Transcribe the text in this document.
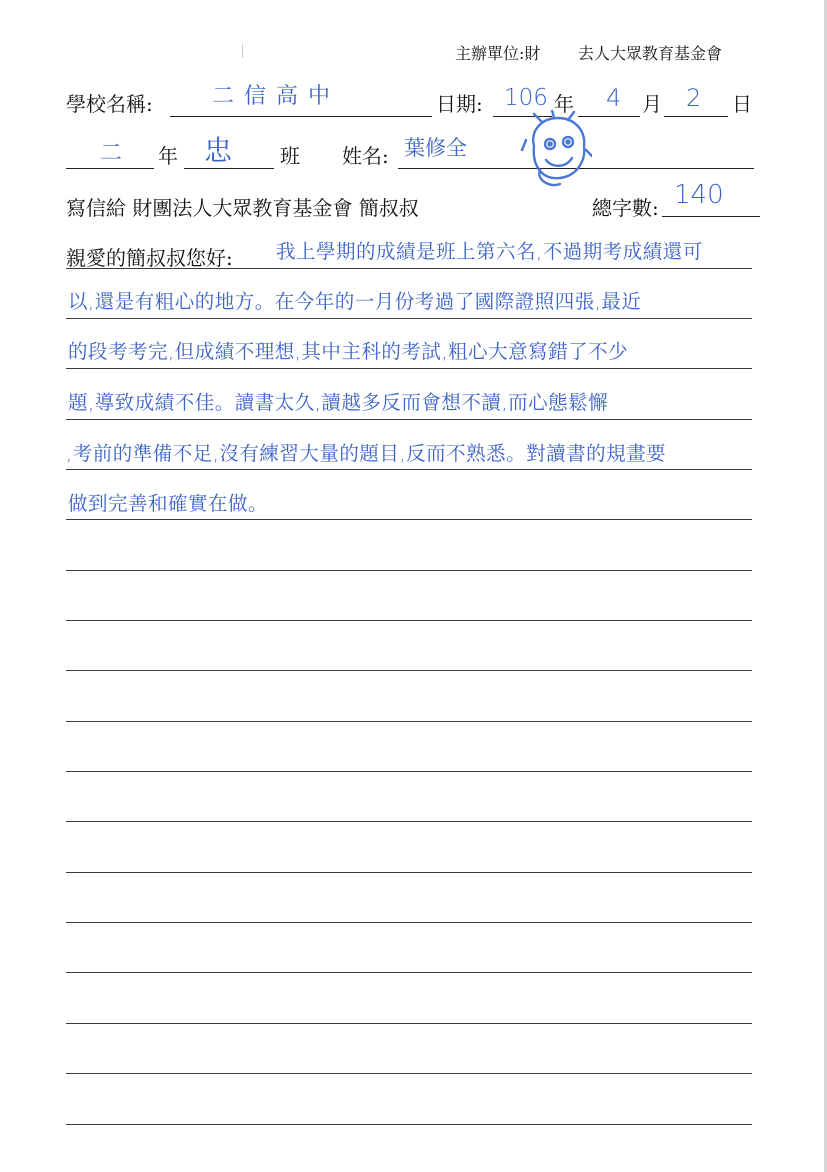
主辦單位:財 去人大眾教育基金會
學校名稱:	二信高中	日期: 106 年 4 月 2 日
二 年 忠 班 姓名: 葉修全
寫信給 財團法人大眾教育基金會 簡叔叔	總字數: 140
親愛的簡叔叔您好: 我上學期的成績是班上第六名,不過期考成績還可
以,還是有粗心的地方。在今年的一月份考過了國際證照四張,最近
的段考考完,但成績不理想,其中主科的考試,粗心大意寫錯了不少
題,導致成績不佳。讀書太久,讀越多反而會想不讀,而心態鬆懈
,考前的準備不足,沒有練習大量的題目,反而不熟悉。對讀書的規畫要
做到完善和確實在做。
